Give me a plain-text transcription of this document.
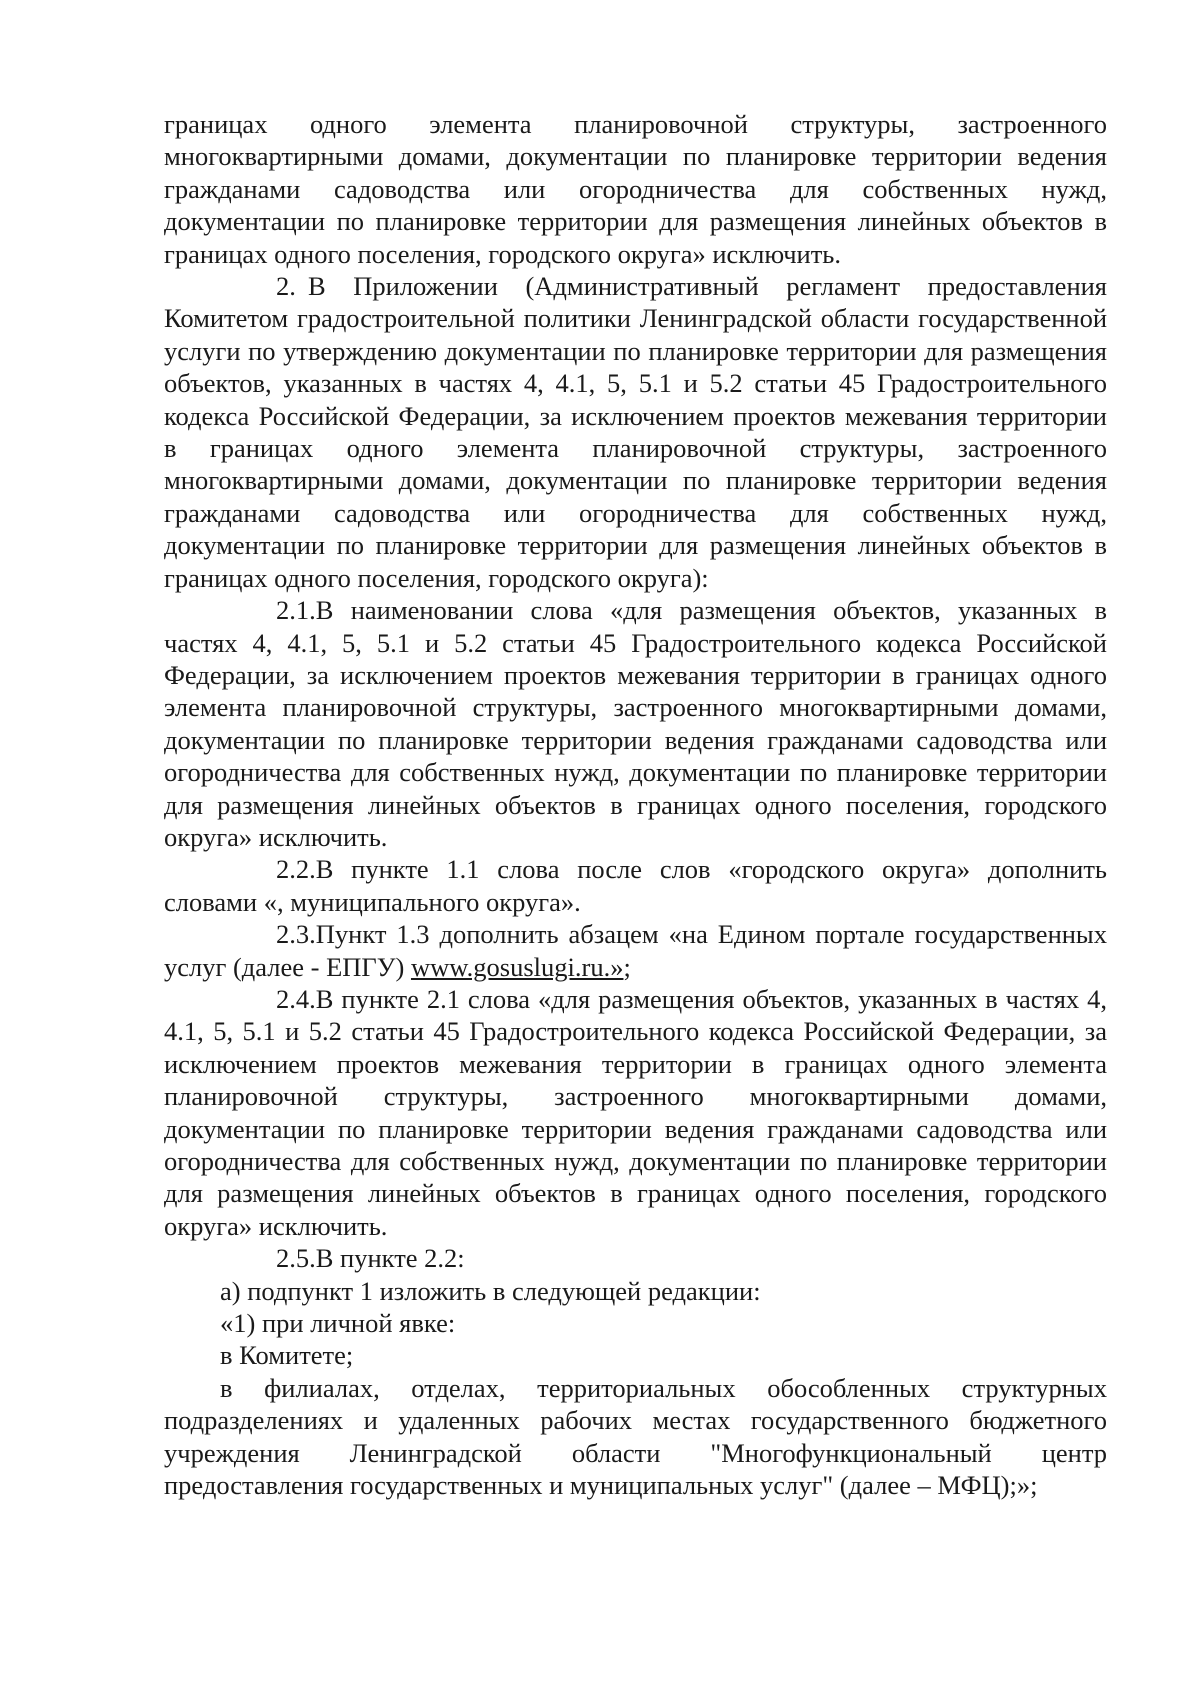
границах одного элемента планировочной структуры, застроенного многоквартирными домами, документации по планировке территории ведения гражданами садоводства или огородничества для собственных нужд, документации по планировке территории для размещения линейных объектов в границах одного поселения, городского округа» исключить.

2. В Приложении (Административный регламент предоставления Комитетом градостроительной политики Ленинградской области государственной услуги по утверждению документации по планировке территории для размещения объектов, указанных в частях 4, 4.1, 5, 5.1 и 5.2 статьи 45 Градостроительного кодекса Российской Федерации, за исключением проектов межевания территории в границах одного элемента планировочной структуры, застроенного многоквартирными домами, документации по планировке территории ведения гражданами садоводства или огородничества для собственных нужд, документации по планировке территории для размещения линейных объектов в границах одного поселения, городского округа):

2.1.В наименовании слова «для размещения объектов, указанных в частях 4, 4.1, 5, 5.1 и 5.2 статьи 45 Градостроительного кодекса Российской Федерации, за исключением проектов межевания территории в границах одного элемента планировочной структуры, застроенного многоквартирными домами, документации по планировке территории ведения гражданами садоводства или огородничества для собственных нужд, документации по планировке территории для размещения линейных объектов в границах одного поселения, городского округа» исключить.

2.2.В пункте 1.1 слова после слов «городского округа» дополнить словами «, муниципального округа».

2.3.Пункт 1.3 дополнить абзацем «на Едином портале государственных услуг (далее - ЕПГУ) www.gosuslugi.ru.»;

2.4.В пункте 2.1 слова «для размещения объектов, указанных в частях 4, 4.1, 5, 5.1 и 5.2 статьи 45 Градостроительного кодекса Российской Федерации, за исключением проектов межевания территории в границах одного элемента планировочной структуры, застроенного многоквартирными домами, документации по планировке территории ведения гражданами садоводства или огородничества для собственных нужд, документации по планировке территории для размещения линейных объектов в границах одного поселения, городского округа» исключить.

2.5.В пункте 2.2:

а) подпункт 1 изложить в следующей редакции:

«1) при личной явке:

в Комитете;

в филиалах, отделах, территориальных обособленных структурных подразделениях и удаленных рабочих местах государственного бюджетного учреждения Ленинградской области "Многофункциональный центр предоставления государственных и муниципальных услуг" (далее – МФЦ);»;
